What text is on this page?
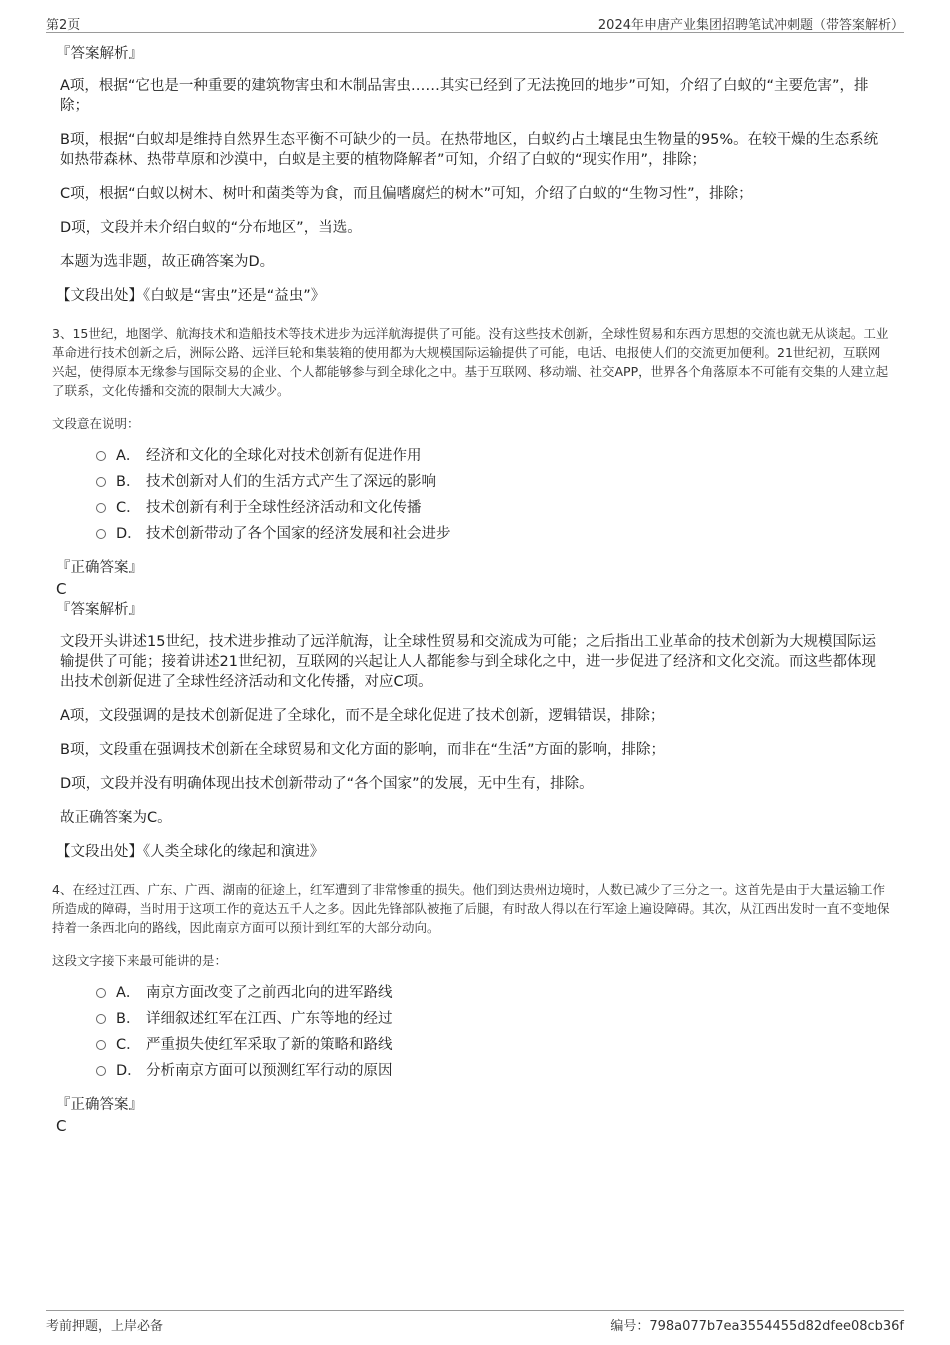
第2页	2024年申唐产业集团招聘笔试冲刺题（带答案解析）
『答案解析』
A项，根据“它也是一种重要的建筑物害虫和木制品害虫……其实已经到了无法挽回的地步”可知，介绍了白蚁的“主要危害”，排除；
B项，根据“白蚁却是维持自然界生态平衡不可缺少的一员。在热带地区，白蚁约占土壤昆虫生物量的95%。在较干燥的生态系统如热带森林、热带草原和沙漠中，白蚁是主要的植物降解者”可知，介绍了白蚁的“现实作用”，排除；
C项，根据“白蚁以树木、树叶和菌类等为食，而且偏嗜腐烂的树木”可知，介绍了白蚁的“生物习性”，排除；
D项，文段并未介绍白蚁的“分布地区”，当选。
本题为选非题，故正确答案为D。
【文段出处】《白蚁是“害虫”还是“益虫”》
3、15世纪，地图学、航海技术和造船技术等技术进步为远洋航海提供了可能。没有这些技术创新，全球性贸易和东西方思想的交流也就无从谈起。工业革命进行技术创新之后，洲际公路、远洋巨轮和集装箱的使用都为大规模国际运输提供了可能，电话、电报使人们的交流更加便利。21世纪初，互联网兴起，使得原本无缘参与国际交易的企业、个人都能够参与到全球化之中。基于互联网、移动端、社交APP，世界各个角落原本不可能有交集的人建立起了联系，文化传播和交流的限制大大减少。
文段意在说明：
A． 经济和文化的全球化对技术创新有促进作用
B． 技术创新对人们的生活方式产生了深远的影响
C． 技术创新有利于全球性经济活动和文化传播
D． 技术创新带动了各个国家的经济发展和社会进步
『正确答案』
C
『答案解析』
文段开头讲述15世纪，技术进步推动了远洋航海，让全球性贸易和交流成为可能；之后指出工业革命的技术创新为大规模国际运输提供了可能；接着讲述21世纪初，互联网的兴起让人人都能参与到全球化之中，进一步促进了经济和文化交流。而这些都体现出技术创新促进了全球性经济活动和文化传播，对应C项。
A项，文段强调的是技术创新促进了全球化，而不是全球化促进了技术创新，逻辑错误，排除；
B项，文段重在强调技术创新在全球贸易和文化方面的影响，而非在“生活”方面的影响，排除；
D项，文段并没有明确体现出技术创新带动了“各个国家”的发展，无中生有，排除。
故正确答案为C。
【文段出处】《人类全球化的缘起和演进》
4、在经过江西、广东、广西、湖南的征途上，红军遭到了非常惨重的损失。他们到达贵州边境时，人数已减少了三分之一。这首先是由于大量运输工作所造成的障碍，当时用于这项工作的竟达五千人之多。因此先锋部队被拖了后腿，有时敌人得以在行军途上遍设障碍。其次，从江西出发时一直不变地保持着一条西北向的路线，因此南京方面可以预计到红军的大部分动向。
这段文字接下来最可能讲的是：
A． 南京方面改变了之前西北向的进军路线
B． 详细叙述红军在江西、广东等地的经过
C． 严重损失使红军采取了新的策略和路线
D． 分析南京方面可以预测红军行动的原因
『正确答案』
C
考前押题，上岸必备	编号：798a077b7ea3554455d82dfee08cb36f
